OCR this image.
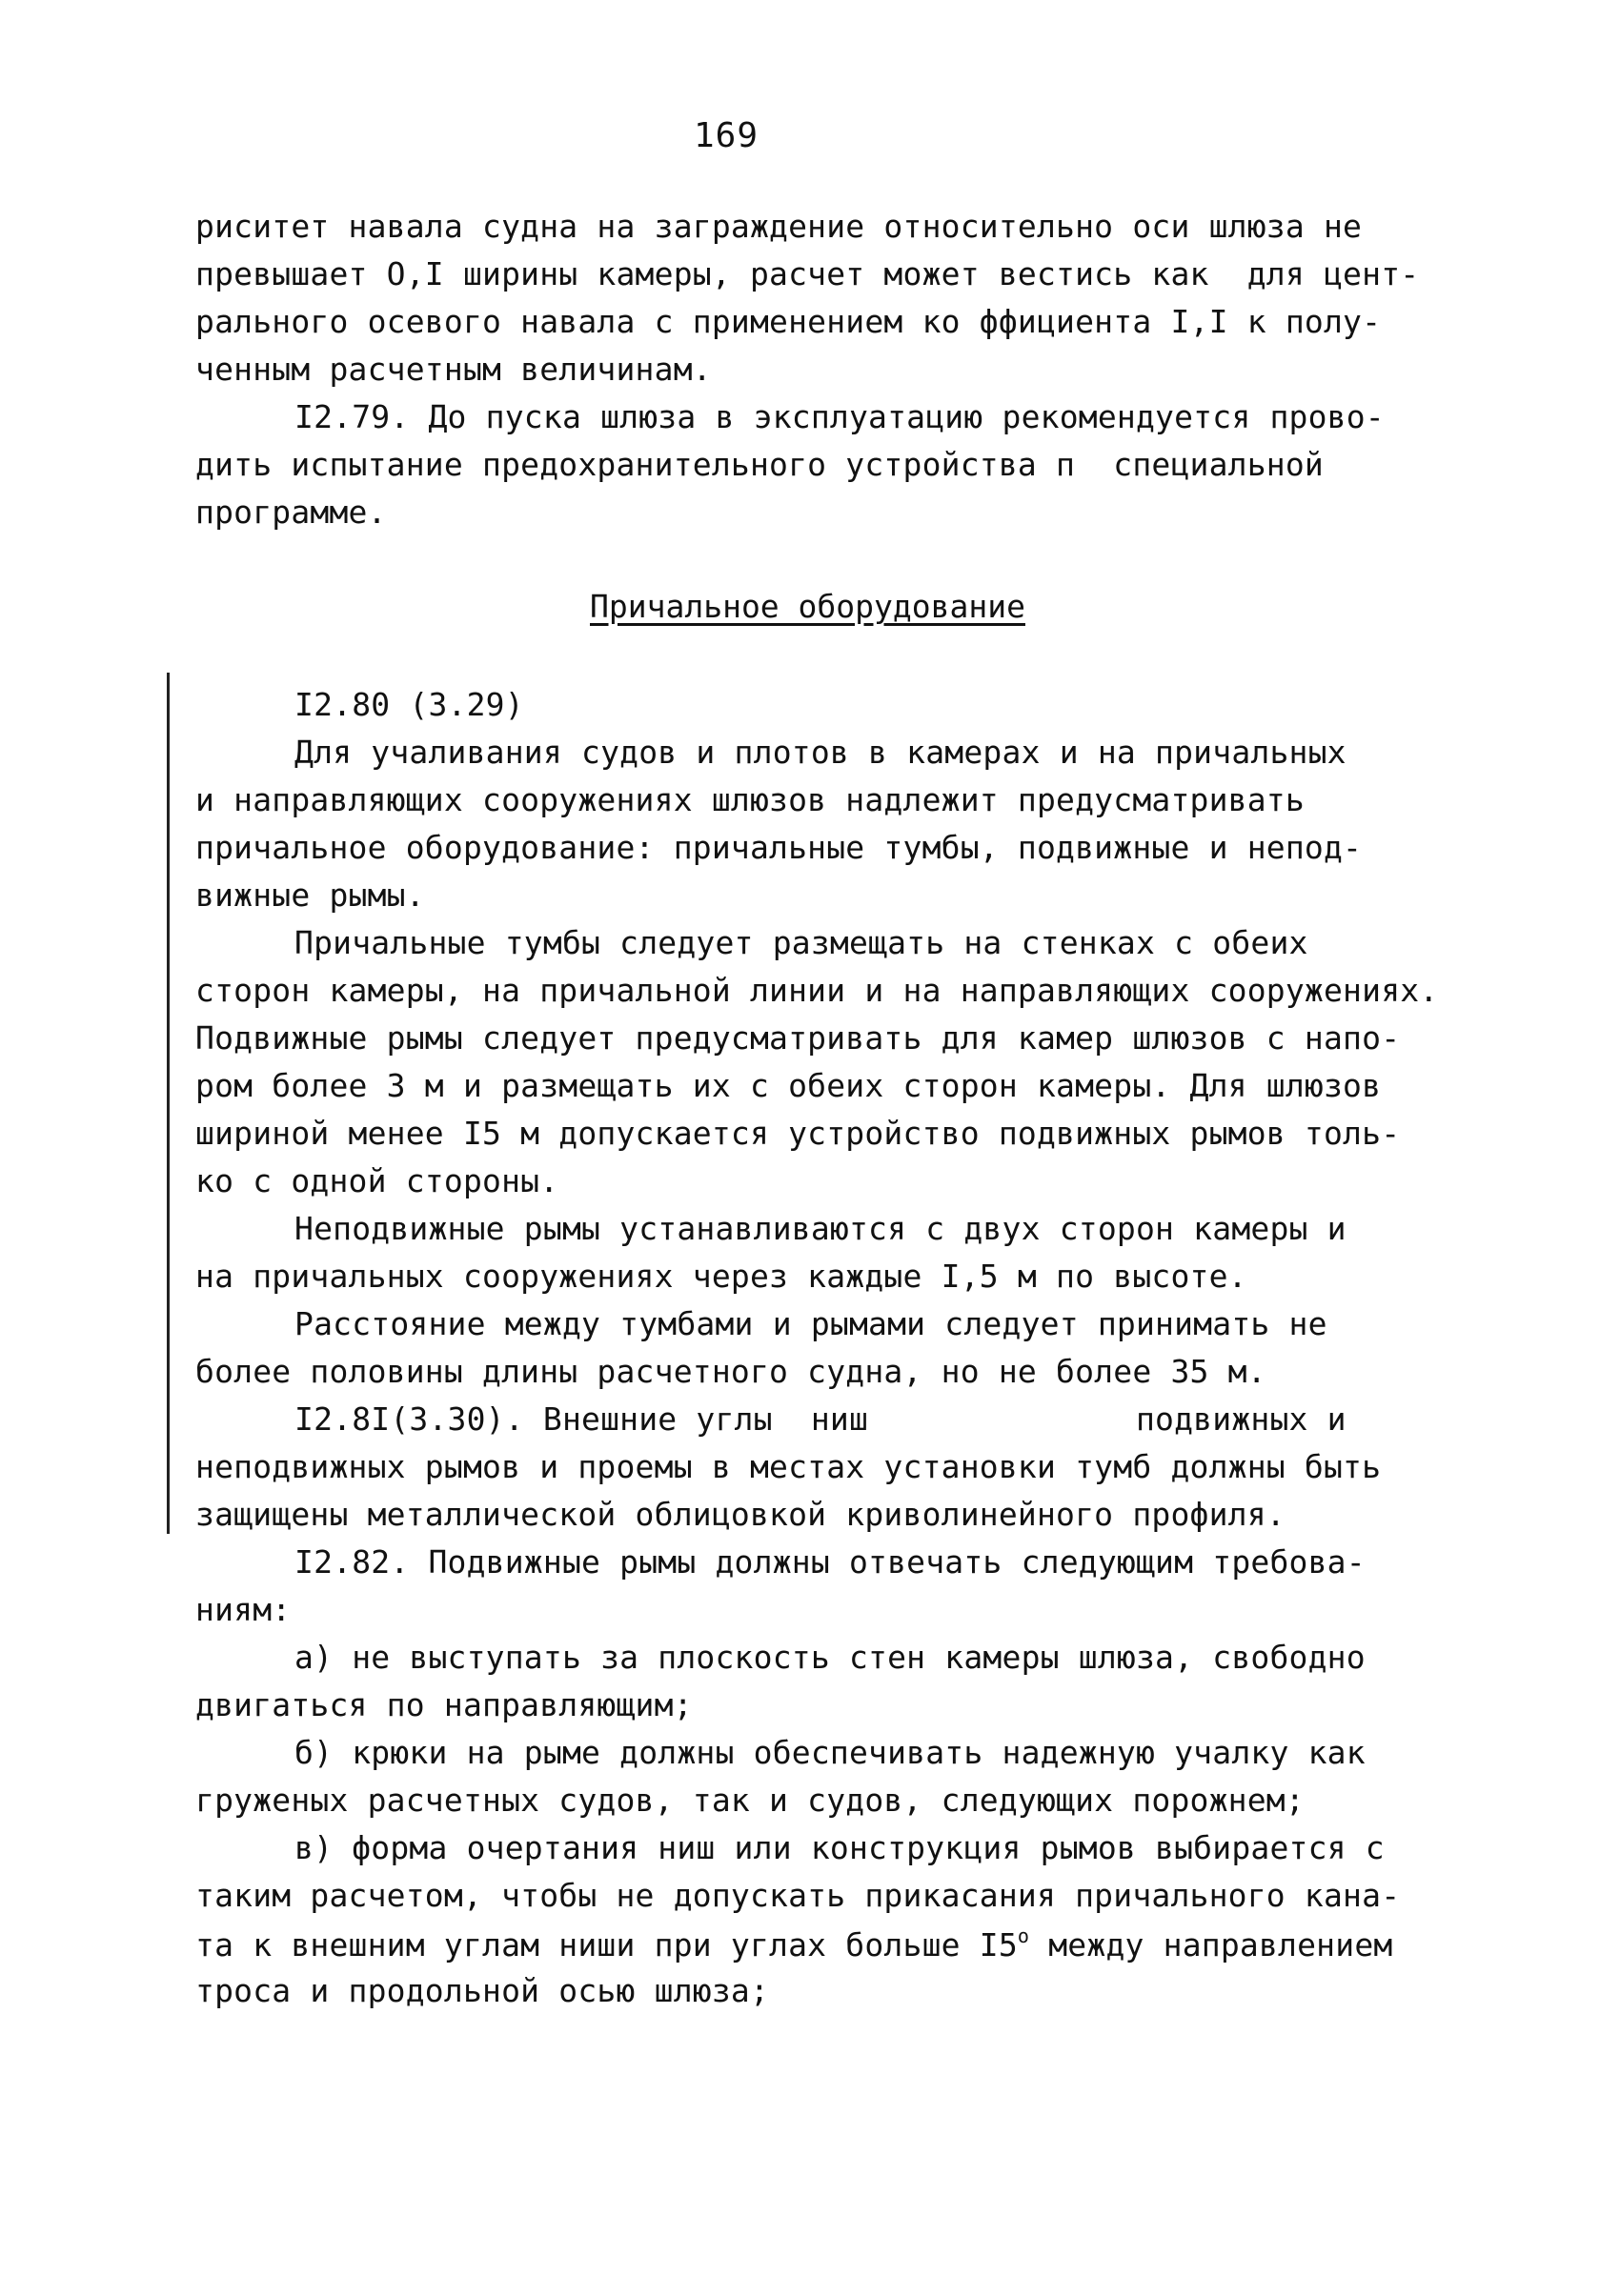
169
риситет навала судна на заграждение относительно оси шлюза не
превышает О,I ширины камеры, расчет может вестись как  для цент-
рального осевого навала с применением ко ффициента I,I к полу-
ченным расчетным величинам.
I2.79. До пуска шлюза в эксплуатацию рекомендуется прово-
дить испытание предохранительного устройства п  специальной
программе.
Причальное оборудование
I2.80 (3.29)
Для учаливания судов и плотов в камерах и на причальных
и направляющих сооружениях шлюзов надлежит предусматривать
причальное оборудование: причальные тумбы, подвижные и непод-
вижные рымы.
Причальные тумбы следует размещать на стенках с обеих
сторон камеры, на причальной линии и на направляющих сооружениях.
Подвижные рымы следует предусматривать для камер шлюзов с напо-
ром более 3 м и размещать их с обеих сторон камеры. Для шлюзов
шириной менее I5 м допускается устройство подвижных рымов толь-
ко с одной стороны.
Неподвижные рымы устанавливаются с двух сторон камеры и
на причальных сооружениях через каждые I,5 м по высоте.
Расстояние между тумбами и рымами следует принимать не
более половины длины расчетного судна, но не более 35 м.
I2.8I(3.30). Внешние углы  ниш              подвижных и
неподвижных рымов и проемы в местах установки тумб должны быть
защищены металлической облицовкой криволинейного профиля.
I2.82. Подвижные рымы должны отвечать следующим требова-
ниям:
а) не выступать за плоскость стен камеры шлюза, свободно
двигаться по направляющим;
б) крюки на рыме должны обеспечивать надежную учалку как
груженых расчетных судов, так и судов, следующих порожнем;
в) форма очертания ниш или конструкция рымов выбирается с
таким расчетом, чтобы не допускать прикасания причального кана-
та к внешним углам ниши при углах больше $I5^о$ между направлением
троса и продольной осью шлюза;
